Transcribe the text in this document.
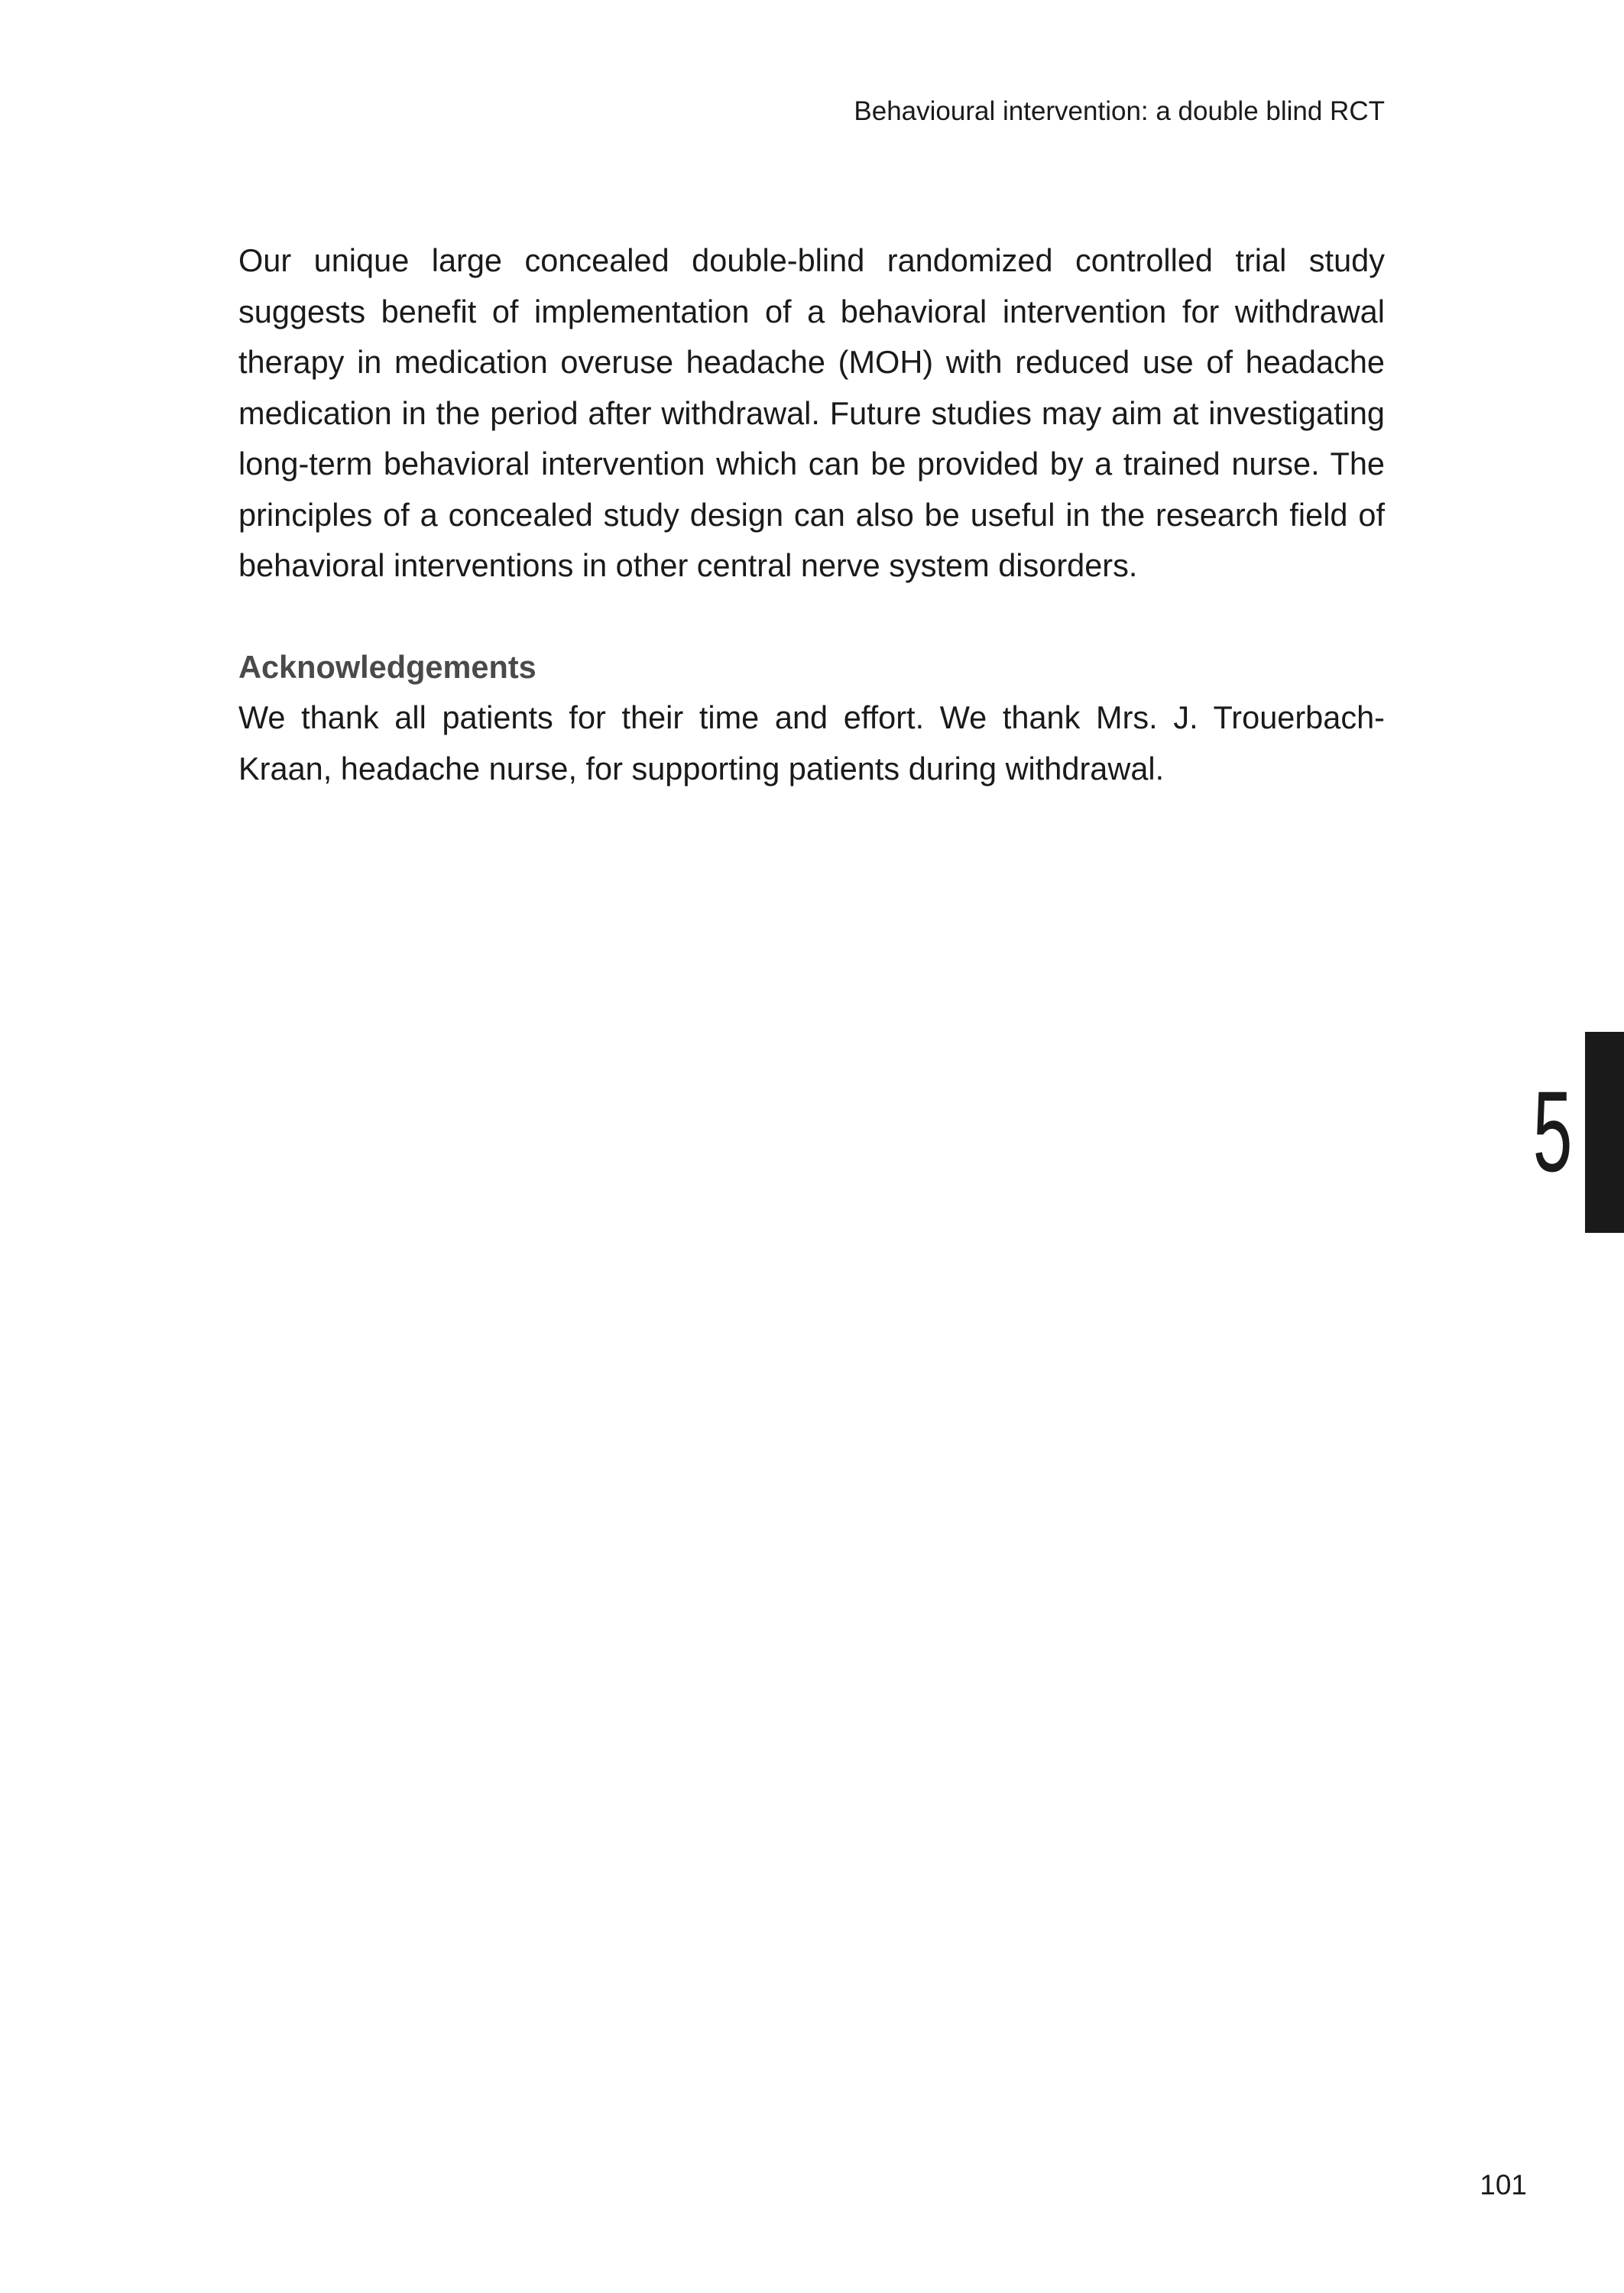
Behavioural intervention: a double blind RCT

Our unique large concealed double-blind randomized controlled trial study suggests benefit of implementation of a behavioral intervention for withdrawal therapy in medication overuse headache (MOH) with reduced use of headache medication in the period after withdrawal. Future studies may aim at investigating long-term behavioral intervention which can be provided by a trained nurse. The principles of a concealed study design can also be useful in the research field of behavioral interventions in other central nerve system disorders.

Acknowledgements

We thank all patients for their time and effort. We thank Mrs. J. Trouerbach-Kraan, headache nurse, for supporting patients during withdrawal.

5
101
